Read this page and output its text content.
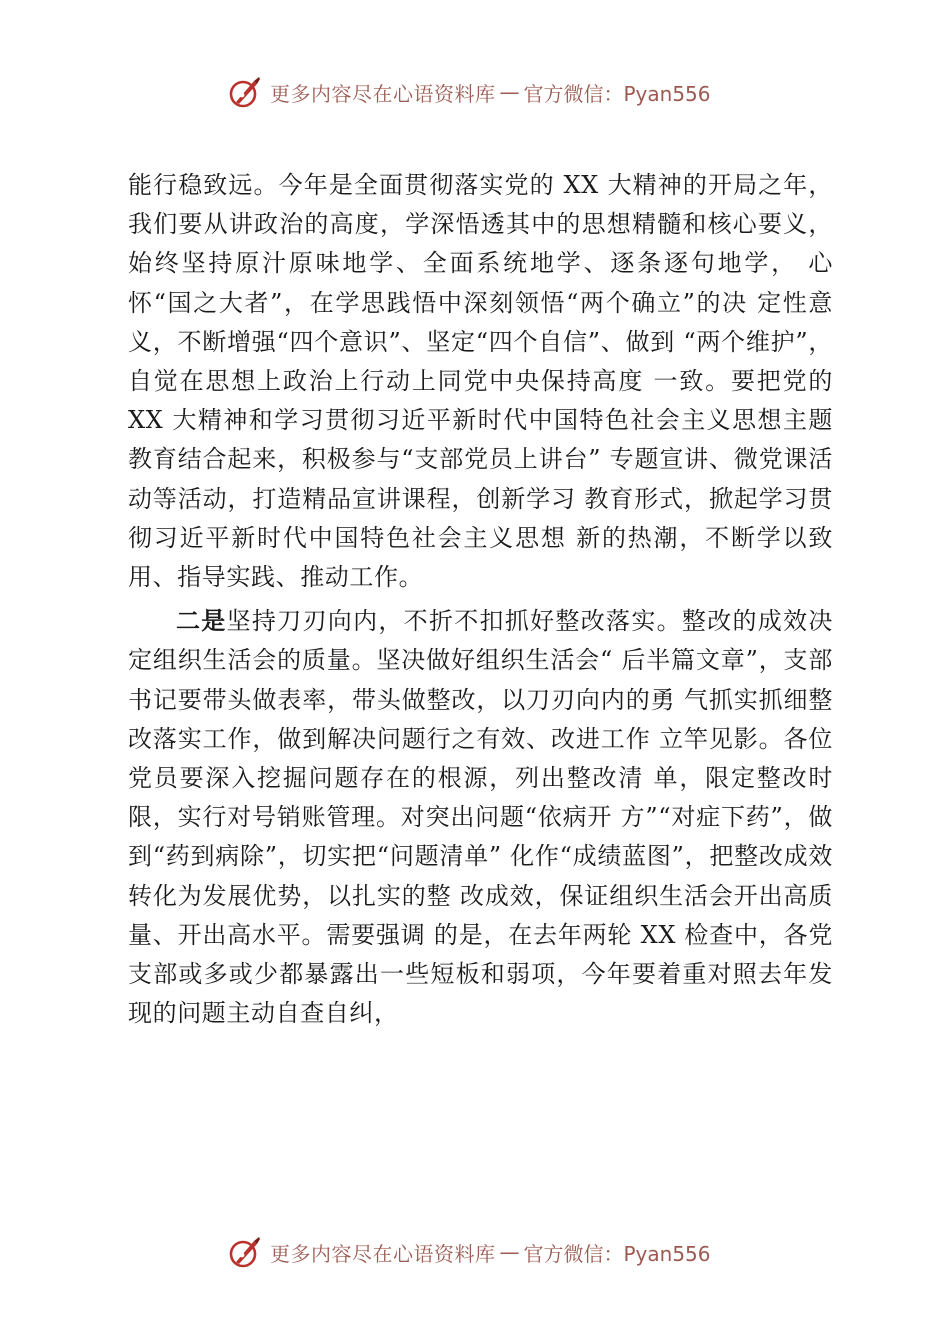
更多内容尽在心语资料库 — 官方微信：Pyan556

能行稳致远。今年是全面贯彻落实党的 XX 大精神的开局之年，我们要从讲政治的高度，学深悟透其中的思想精髓和核心要义，始终坚持原汁原味地学、全面系统地学、逐条逐句地学， 心怀“国之大者”，在学思践悟中深刻领悟“两个确立”的决 定性意义，不断增强“四个意识”、坚定“四个自信”、做到 “两个维护”，自觉在思想上政治上行动上同党中央保持高度 一致。要把党的 XX 大精神和学习贯彻习近平新时代中国特色社会主义思想主题教育结合起来，积极参与“支部党员上讲台” 专题宣讲、微党课活动等活动，打造精品宣讲课程，创新学习 教育形式，掀起学习贯彻习近平新时代中国特色社会主义思想 新的热潮，不断学以致用、指导实践、推动工作。

二是坚持刀刃向内，不折不扣抓好整改落实。整改的成效决定组织生活会的质量。坚决做好组织生活会“ 后半篇文章”，支部书记要带头做表率，带头做整改，以刀刃向内的勇 气抓实抓细整改落实工作，做到解决问题行之有效、改进工作 立竿见影。各位党员要深入挖掘问题存在的根源，列出整改清 单，限定整改时限，实行对号销账管理。对突出问题“依病开 方”“对症下药”，做到“药到病除”，切实把“问题清单” 化作“成绩蓝图”，把整改成效转化为发展优势，以扎实的整 改成效，保证组织生活会开出高质量、开出高水平。需要强调 的是，在去年两轮 XX 检查中，各党支部或多或少都暴露出一些短板和弱项，今年要着重对照去年发现的问题主动自查自纠，

更多内容尽在心语资料库 — 官方微信：Pyan556
